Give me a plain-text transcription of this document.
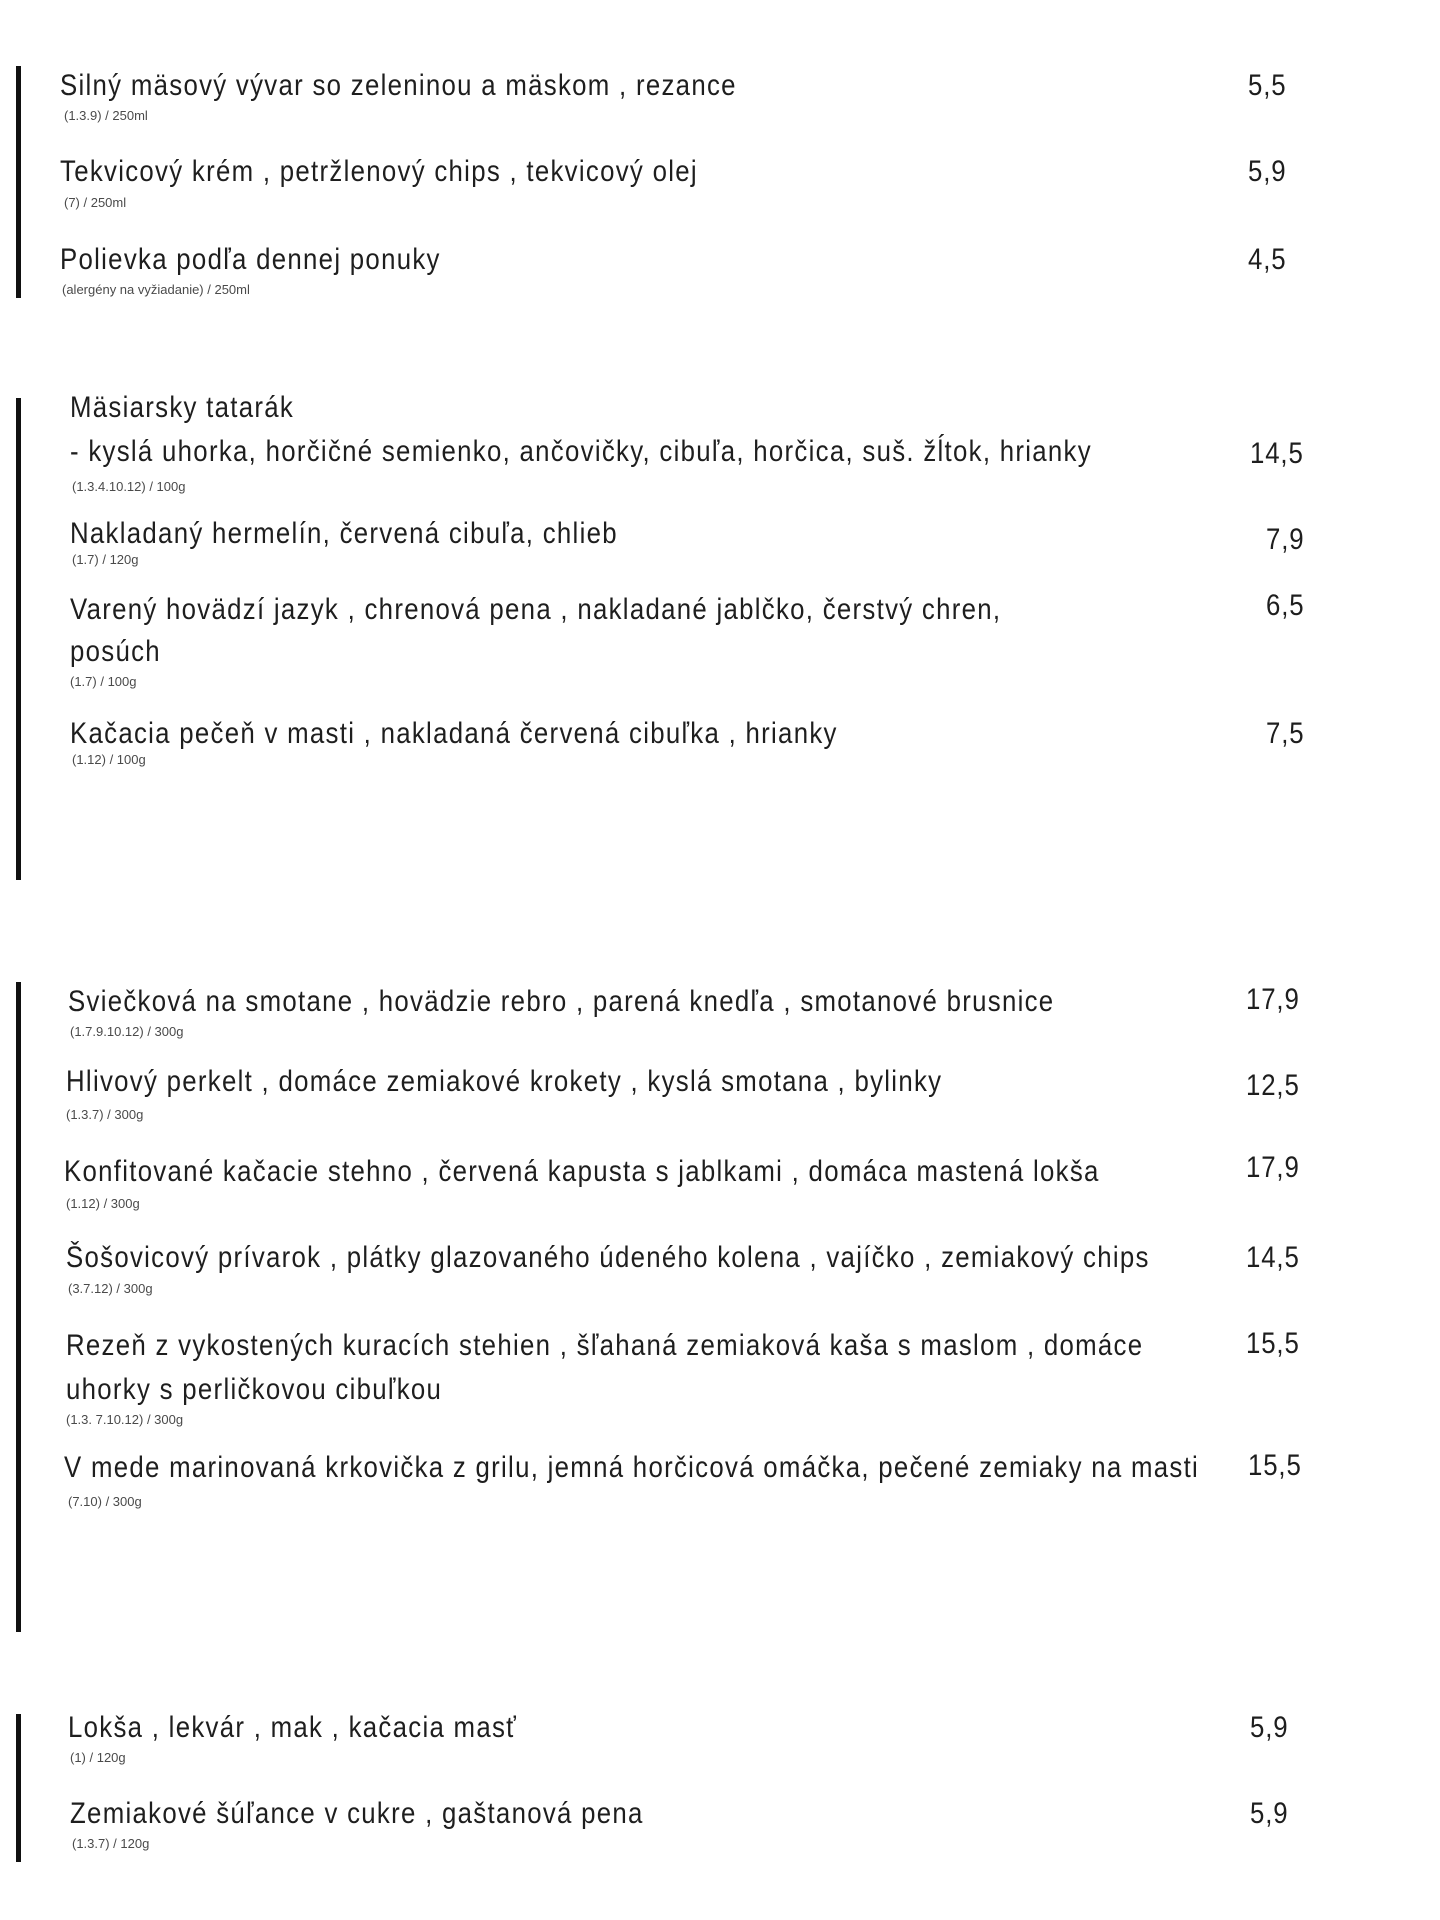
Silný mäsový vývar so zeleninou a mäskom , rezance
(1.3.9) / 250ml
5,5
Tekvicový krém , petržlenový chips , tekvicový olej
(7) / 250ml
5,9
Polievka podľa dennej ponuky
(alergény na vyžiadanie) / 250ml
4,5
Mäsiarsky tatarák
- kyslá uhorka, horčičné semienko, ančovičky, cibuľa, horčica, suš. žĺtok, hrianky
(1.3.4.10.12) / 100g
14,5
Nakladaný hermelín, červená cibuľa, chlieb
(1.7) / 120g
7,9
Varený hovädzí jazyk , chrenová pena , nakladané jablčko, čerstvý chren,
posúch
(1.7) / 100g
6,5
Kačacia pečeň v masti , nakladaná červená cibuľka , hrianky
(1.12) / 100g
7,5
Sviečková na smotane , hovädzie rebro , parená knedľa , smotanové brusnice
(1.7.9.10.12) / 300g
17,9
Hlivový perkelt , domáce zemiakové krokety , kyslá smotana , bylinky
(1.3.7) / 300g
12,5
Konfitované kačacie stehno , červená kapusta s jablkami , domáca mastená lokša
(1.12) / 300g
17,9
Šošovicový prívarok , plátky glazovaného údeného kolena , vajíčko , zemiakový chips
(3.7.12) / 300g
14,5
Rezeň z vykostených kuracích stehien , šľahaná zemiaková kaša s maslom , domáce
uhorky s perličkovou cibuľkou
(1.3. 7.10.12) / 300g
15,5
V mede marinovaná krkovička z grilu, jemná horčicová omáčka, pečené zemiaky na masti
(7.10) / 300g
15,5
Lokša , lekvár , mak , kačacia masť
(1) / 120g
5,9
Zemiakové šúľance v cukre , gaštanová pena
(1.3.7) / 120g
5,9
